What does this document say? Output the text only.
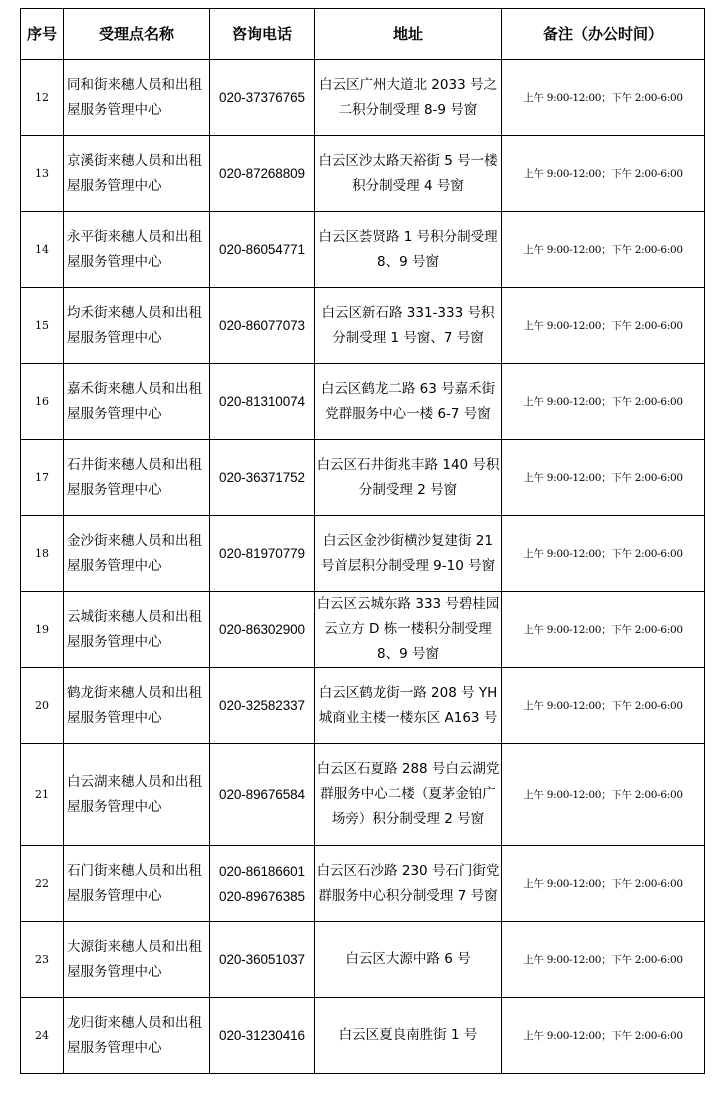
序号	受理点名称	咨询电话	地址	备注（办公时间）
12	同和街来穗人员和出租屋服务管理中心	020-37376765	白云区广州大道北 2033 号之二积分制受理 8-9 号窗	上午 9:00-12:00；下午 2:00-6:00
13	京溪街来穗人员和出租屋服务管理中心	020-87268809	白云区沙太路天裕街 5 号一楼积分制受理 4 号窗	上午 9:00-12:00；下午 2:00-6:00
14	永平街来穗人员和出租屋服务管理中心	020-86054771	白云区荟贤路 1 号积分制受理 8、9 号窗	上午 9:00-12:00；下午 2:00-6:00
15	均禾街来穗人员和出租屋服务管理中心	020-86077073	白云区新石路 331-333 号积分制受理 1 号窗、7 号窗	上午 9:00-12:00；下午 2:00-6:00
16	嘉禾街来穗人员和出租屋服务管理中心	020-81310074	白云区鹤龙二路 63 号嘉禾街党群服务中心一楼 6-7 号窗	上午 9:00-12:00；下午 2:00-6:00
17	石井街来穗人员和出租屋服务管理中心	020-36371752	白云区石井街兆丰路 140 号积分制受理 2 号窗	上午 9:00-12:00；下午 2:00-6:00
18	金沙街来穗人员和出租屋服务管理中心	020-81970779	白云区金沙街横沙复建街 21 号首层积分制受理 9-10 号窗	上午 9:00-12:00；下午 2:00-6:00
19	云城街来穗人员和出租屋服务管理中心	020-86302900	白云区云城东路 333 号碧桂园云立方 D 栋一楼积分制受理 8、9 号窗	上午 9:00-12:00；下午 2:00-6:00
20	鹤龙街来穗人员和出租屋服务管理中心	020-32582337	白云区鹤龙街一路 208 号 YH 城商业主楼一楼东区 A163 号	上午 9:00-12:00；下午 2:00-6:00
21	白云湖来穗人员和出租屋服务管理中心	020-89676584	白云区石夏路 288 号白云湖党群服务中心二楼（夏茅金铂广场旁）积分制受理 2 号窗	上午 9:00-12:00；下午 2:00-6:00
22	石门街来穗人员和出租屋服务管理中心	020-86186601
020-89676385	白云区石沙路 230 号石门街党群服务中心积分制受理 7 号窗	上午 9:00-12:00；下午 2:00-6:00
23	大源街来穗人员和出租屋服务管理中心	020-36051037	白云区大源中路 6 号	上午 9:00-12:00；下午 2:00-6:00
24	龙归街来穗人员和出租屋服务管理中心	020-31230416	白云区夏良南胜街 1 号	上午 9:00-12:00；下午 2:00-6:00
